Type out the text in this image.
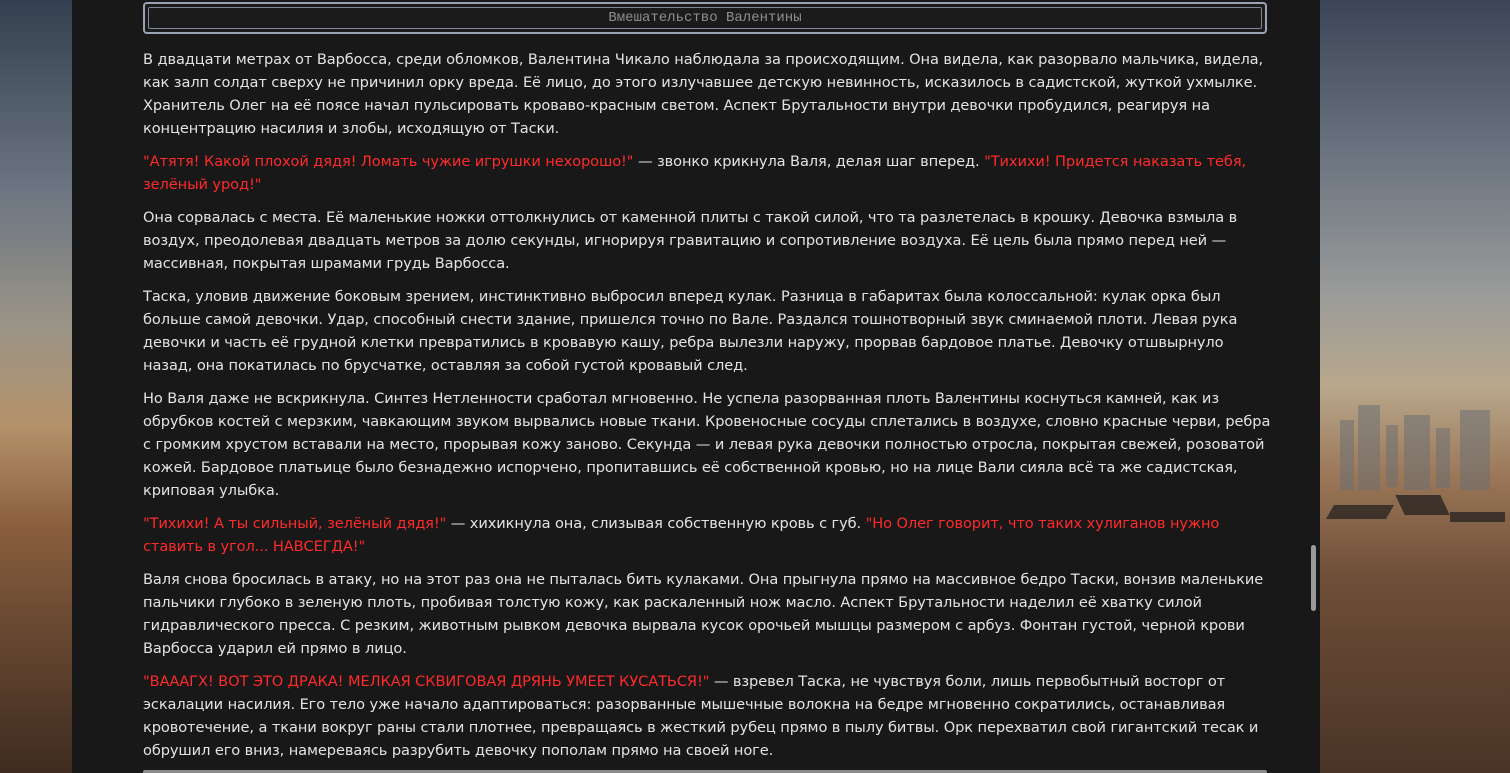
Вмешательство Валентины

В двадцати метрах от Варбосса, среди обломков, Валентина Чикало наблюдала за происходящим. Она видела, как разорвало мальчика, видела, как залп солдат сверху не причинил орку вреда. Её лицо, до этого излучавшее детскую невинность, исказилось в садистской, жуткой ухмылке. Хранитель Олег на её поясе начал пульсировать кроваво-красным светом. Аспект Брутальности внутри девочки пробудился, реагируя на концентрацию насилия и злобы, исходящую от Таски.

"Атятя! Какой плохой дядя! Ломать чужие игрушки нехорошо!" — звонко крикнула Валя, делая шаг вперед. "Тихихи! Придется наказать тебя, зелёный урод!"

Она сорвалась с места. Её маленькие ножки оттолкнулись от каменной плиты с такой силой, что та разлетелась в крошку. Девочка взмыла в воздух, преодолевая двадцать метров за долю секунды, игнорируя гравитацию и сопротивление воздуха. Её цель была прямо перед ней — массивная, покрытая шрамами грудь Варбосса.

Таска, уловив движение боковым зрением, инстинктивно выбросил вперед кулак. Разница в габаритах была колоссальной: кулак орка был больше самой девочки. Удар, способный снести здание, пришелся точно по Вале. Раздался тошнотворный звук сминаемой плоти. Левая рука девочки и часть её грудной клетки превратились в кровавую кашу, ребра вылезли наружу, прорвав бардовое платье. Девочку отшвырнуло назад, она покатилась по брусчатке, оставляя за собой густой кровавый след.

Но Валя даже не вскрикнула. Синтез Нетленности сработал мгновенно. Не успела разорванная плоть Валентины коснуться камней, как из обрубков костей с мерзким, чавкающим звуком вырвались новые ткани. Кровеносные сосуды сплетались в воздухе, словно красные черви, ребра с громким хрустом вставали на место, прорывая кожу заново. Секунда — и левая рука девочки полностью отросла, покрытая свежей, розоватой кожей. Бардовое платьице было безнадежно испорчено, пропитавшись её собственной кровью, но на лице Вали сияла всё та же садистская, криповая улыбка.

"Тихихи! А ты сильный, зелёный дядя!" — хихикнула она, слизывая собственную кровь с губ. "Но Олег говорит, что таких хулиганов нужно ставить в угол... НАВСЕГДА!"

Валя снова бросилась в атаку, но на этот раз она не пыталась бить кулаками. Она прыгнула прямо на массивное бедро Таски, вонзив маленькие пальчики глубоко в зеленую плоть, пробивая толстую кожу, как раскаленный нож масло. Аспект Брутальности наделил её хватку силой гидравлического пресса. С резким, животным рывком девочка вырвала кусок орочьей мышцы размером с арбуз. Фонтан густой, черной крови Варбосса ударил ей прямо в лицо.

"ВАААГХ! ВОТ ЭТО ДРАКА! МЕЛКАЯ СКВИГОВАЯ ДРЯНЬ УМЕЕТ КУСАТЬСЯ!" — взревел Таска, не чувствуя боли, лишь первобытный восторг от эскалации насилия. Его тело уже начало адаптироваться: разорванные мышечные волокна на бедре мгновенно сократились, останавливая кровотечение, а ткани вокруг раны стали плотнее, превращаясь в жесткий рубец прямо в пылу битвы. Орк перехватил свой гигантский тесак и обрушил его вниз, намереваясь разрубить девочку пополам прямо на своей ноге.
